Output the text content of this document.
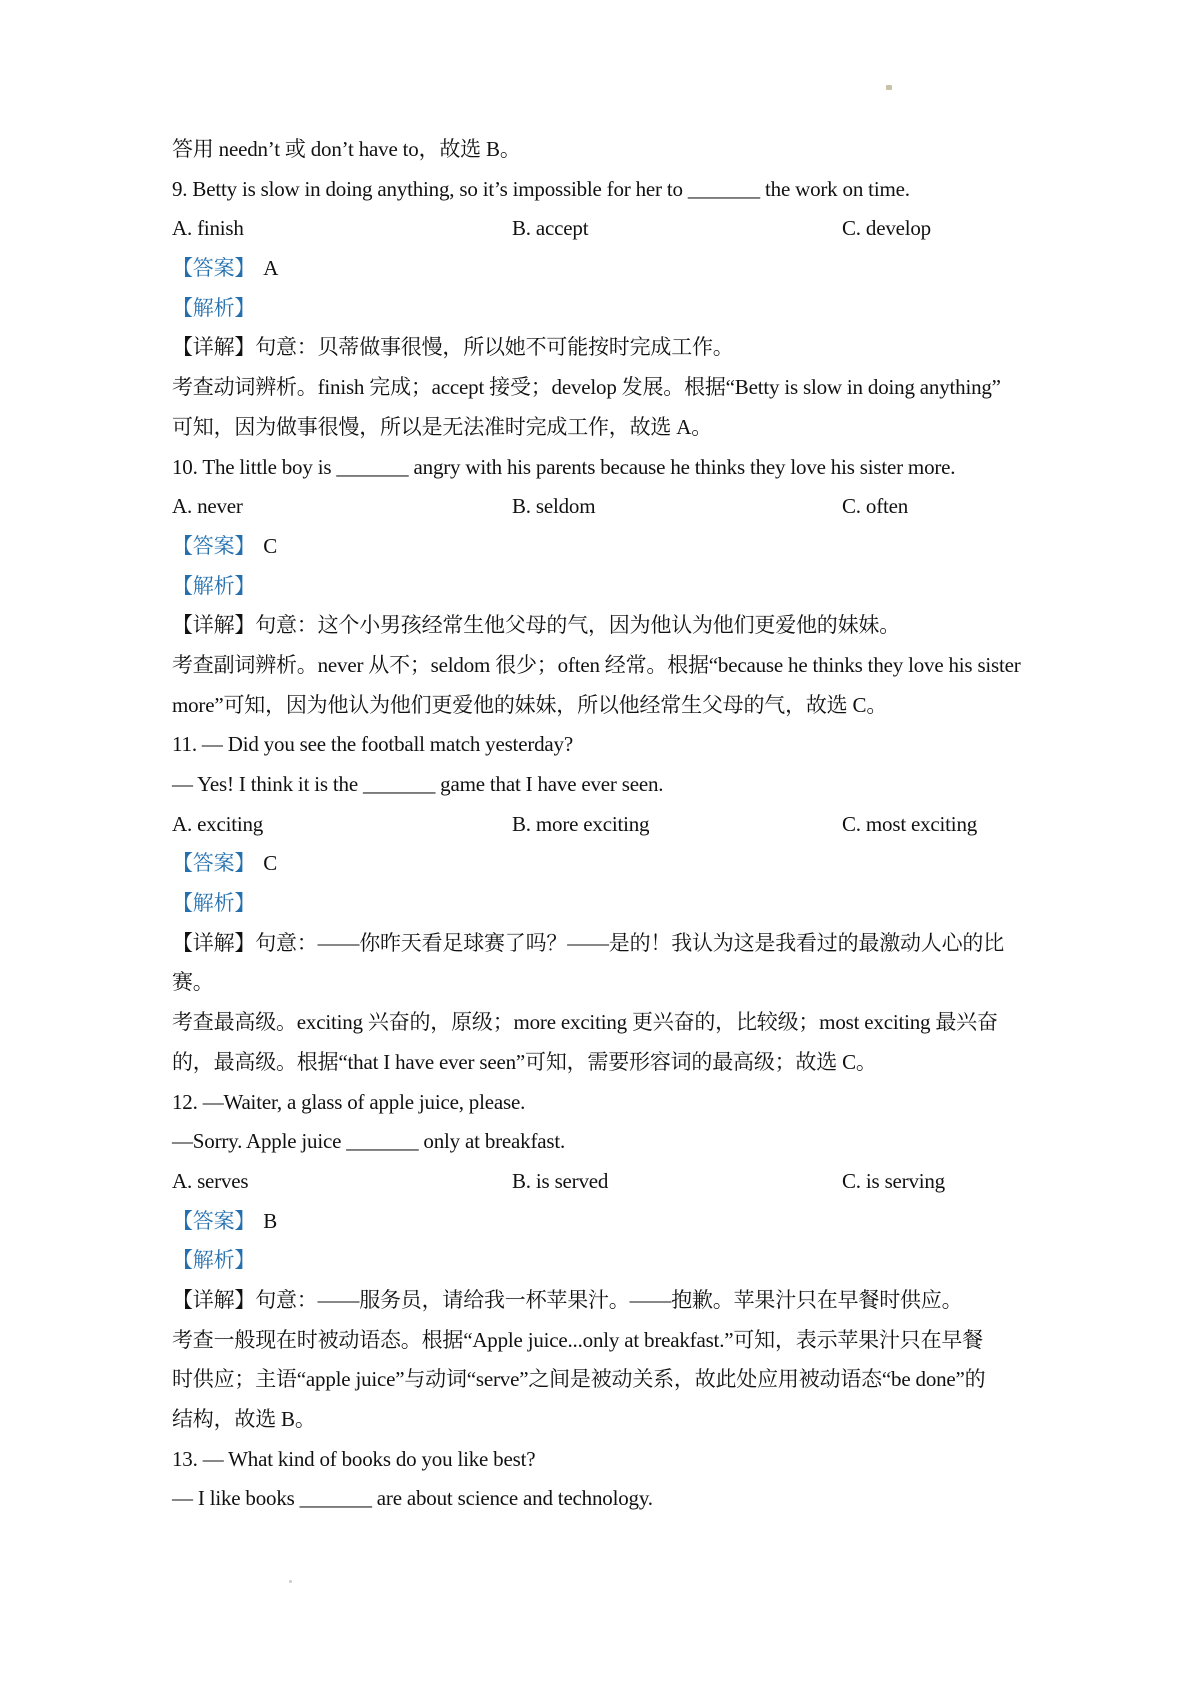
答用 needn’t 或 don’t have to，故选 B。

9. Betty is slow in doing anything, so it’s impossible for her to _______ the work on time.

A. finish	B. accept	C. develop

【答案】 A

【解析】

【详解】句意：贝蒂做事很慢，所以她不可能按时完成工作。

考查动词辨析。finish 完成；accept 接受；develop 发展。根据“Betty is slow in doing anything”

可知，因为做事很慢，所以是无法准时完成工作，故选 A。

10. The little boy is _______ angry with his parents because he thinks they love his sister more.

A. never	B. seldom	C. often

【答案】 C

【解析】

【详解】句意：这个小男孩经常生他父母的气，因为他认为他们更爱他的妹妹。

考查副词辨析。never 从不；seldom 很少；often 经常。根据“because he thinks they love his sister

more”可知，因为他认为他们更爱他的妹妹，所以他经常生父母的气，故选 C。

11. — Did you see the football match yesterday?

— Yes! I think it is the _______ game that I have ever seen.

A. exciting	B. more exciting	C. most exciting

【答案】 C

【解析】

【详解】句意：——你昨天看足球赛了吗？——是的！我认为这是我看过的最激动人心的比

赛。

考查最高级。exciting 兴奋的，原级；more exciting 更兴奋的，比较级；most exciting 最兴奋

的，最高级。根据“that I have ever seen”可知，需要形容词的最高级；故选 C。

12. —Waiter, a glass of apple juice, please.

—Sorry. Apple juice _______ only at breakfast.

A. serves	B. is served	C. is serving

【答案】 B

【解析】

【详解】句意：——服务员，请给我一杯苹果汁。——抱歉。苹果汁只在早餐时供应。

考查一般现在时被动语态。根据“Apple juice...only at breakfast.”可知，表示苹果汁只在早餐

时供应；主语“apple juice”与动词“serve”之间是被动关系，故此处应用被动语态“be done”的

结构，故选 B。

13. — What kind of books do you like best?

— I like books _______ are about science and technology.
